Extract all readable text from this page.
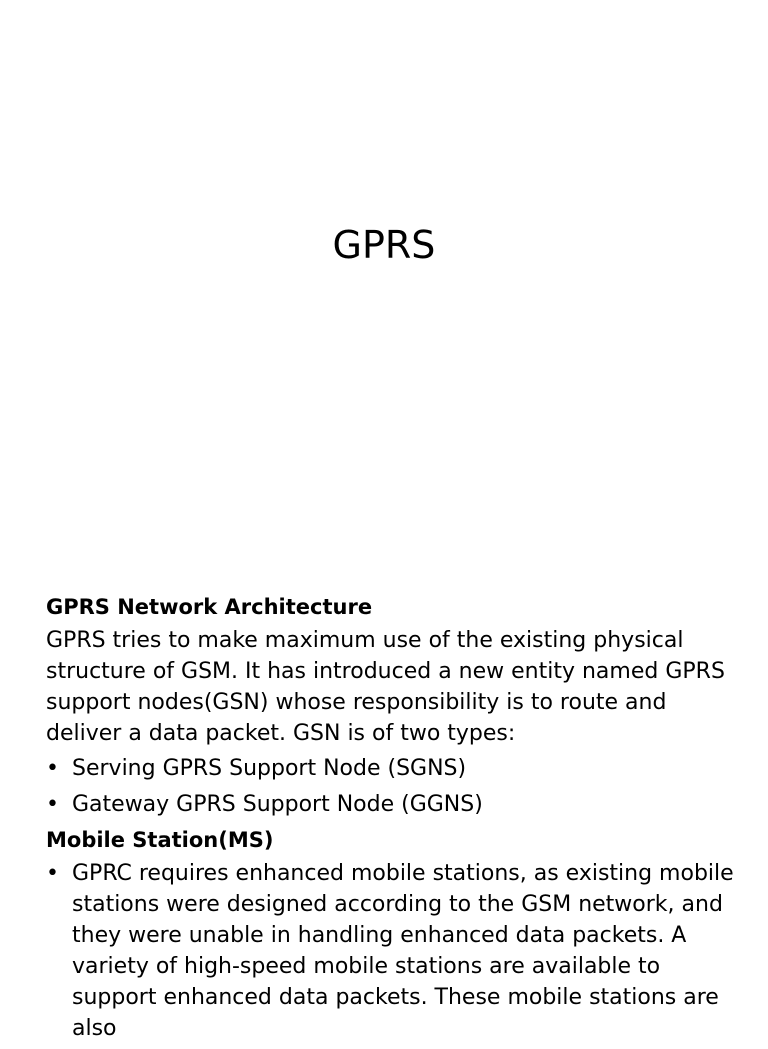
GPRS
GPRS Network Architecture
GPRS tries to make maximum use of the existing physical structure of GSM. It has introduced a new entity named GPRS support nodes(GSN) whose responsibility is to route and deliver a data packet. GSN is of two types:
• Serving GPRS Support Node (SGNS)
• Gateway GPRS Support Node (GGNS)
Mobile Station(MS)
• GPRC requires enhanced mobile stations, as existing mobile stations were designed according to the GSM network, and they were unable in handling enhanced data packets. A variety of high-speed mobile stations are available to support enhanced data packets. These mobile stations are also
